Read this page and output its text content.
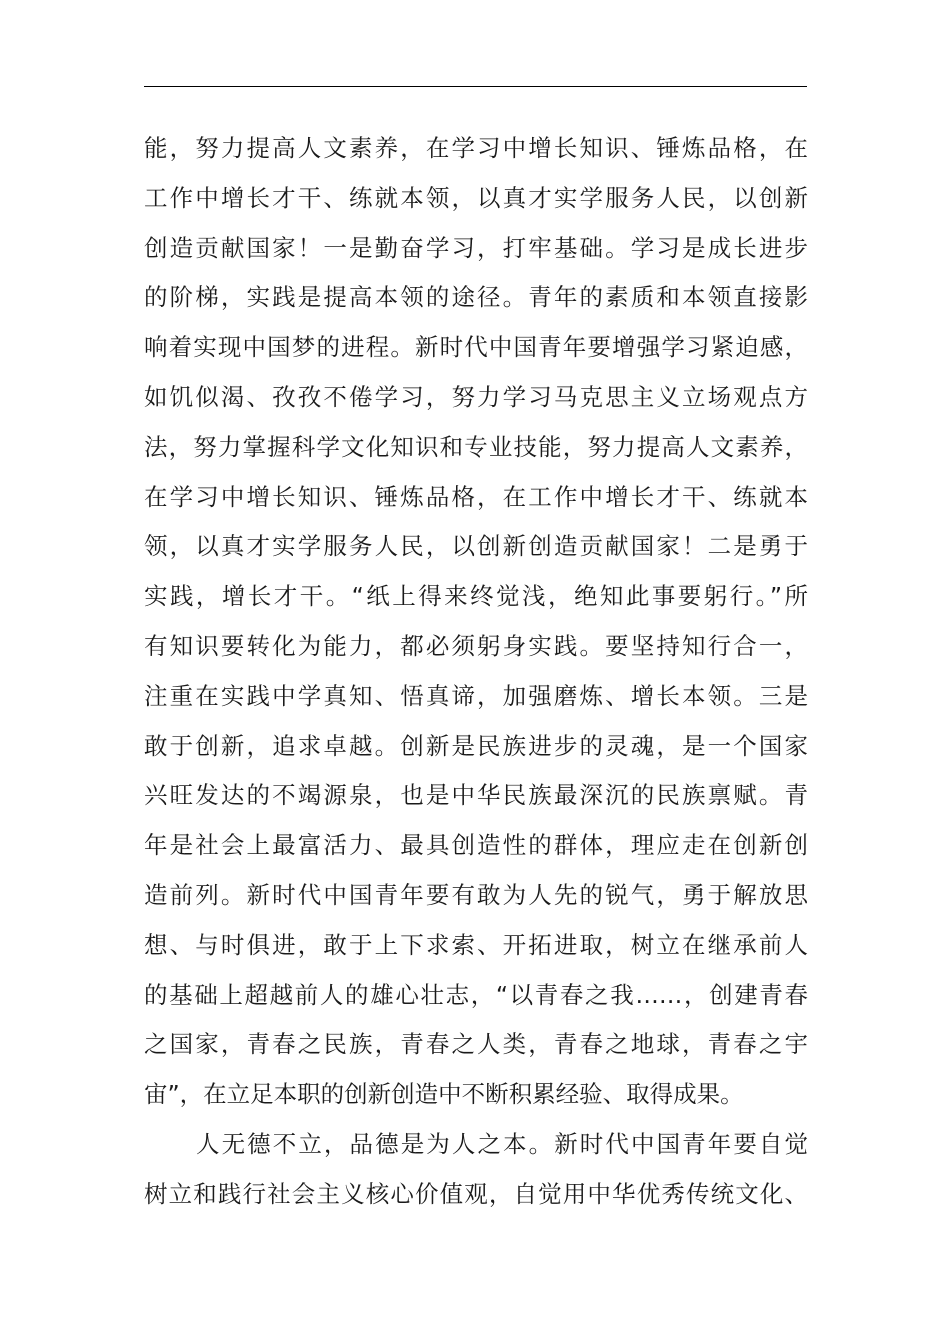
能，努力提高人文素养，在学习中增长知识、锤炼品格，在
工作中增长才干、练就本领，以真才实学服务人民，以创新
创造贡献国家！一是勤奋学习，打牢基础。学习是成长进步
的阶梯，实践是提高本领的途径。青年的素质和本领直接影
响着实现中国梦的进程。新时代中国青年要增强学习紧迫感，
如饥似渴、孜孜不倦学习，努力学习马克思主义立场观点方
法，努力掌握科学文化知识和专业技能，努力提高人文素养，
在学习中增长知识、锤炼品格，在工作中增长才干、练就本
领，以真才实学服务人民，以创新创造贡献国家！二是勇于
实践，增长才干。“纸上得来终觉浅，绝知此事要躬行。”所
有知识要转化为能力，都必须躬身实践。要坚持知行合一，
注重在实践中学真知、悟真谛，加强磨炼、增长本领。三是
敢于创新，追求卓越。创新是民族进步的灵魂，是一个国家
兴旺发达的不竭源泉，也是中华民族最深沉的民族禀赋。青
年是社会上最富活力、最具创造性的群体，理应走在创新创
造前列。新时代中国青年要有敢为人先的锐气，勇于解放思
想、与时俱进，敢于上下求索、开拓进取，树立在继承前人
的基础上超越前人的雄心壮志，“以青春之我……，创建青春
之国家，青春之民族，青春之人类，青春之地球，青春之宇
宙”，在立足本职的创新创造中不断积累经验、取得成果。
人无德不立，品德是为人之本。新时代中国青年要自觉
树立和践行社会主义核心价值观，自觉用中华优秀传统文化、
